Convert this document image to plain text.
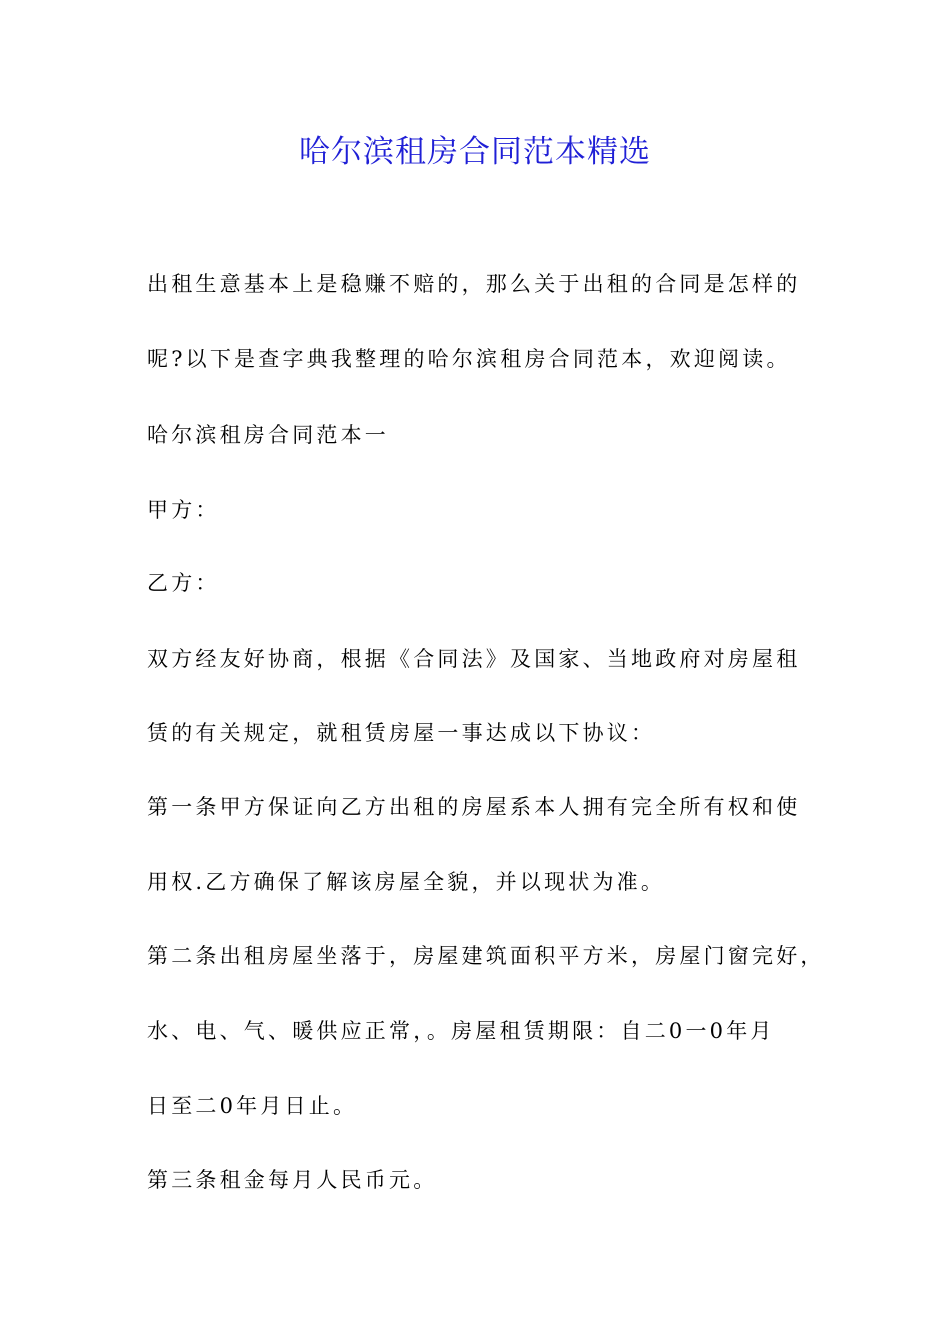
哈尔滨租房合同范本精选
出租生意基本上是稳赚不赔的，那么关于出租的合同是怎样的
呢?以下是查字典我整理的哈尔滨租房合同范本，欢迎阅读。
哈尔滨租房合同范本一
甲方：
乙方：
双方经友好协商，根据《合同法》及国家、当地政府对房屋租
赁的有关规定，就租赁房屋一事达成以下协议：
第一条甲方保证向乙方出租的房屋系本人拥有完全所有权和使
用权.乙方确保了解该房屋全貌，并以现状为准。
第二条出租房屋坐落于，房屋建筑面积平方米，房屋门窗完好，
水、电、气、暖供应正常，。房屋租赁期限：自二0一0年月
日至二0年月日止。
第三条租金每月人民币元。
